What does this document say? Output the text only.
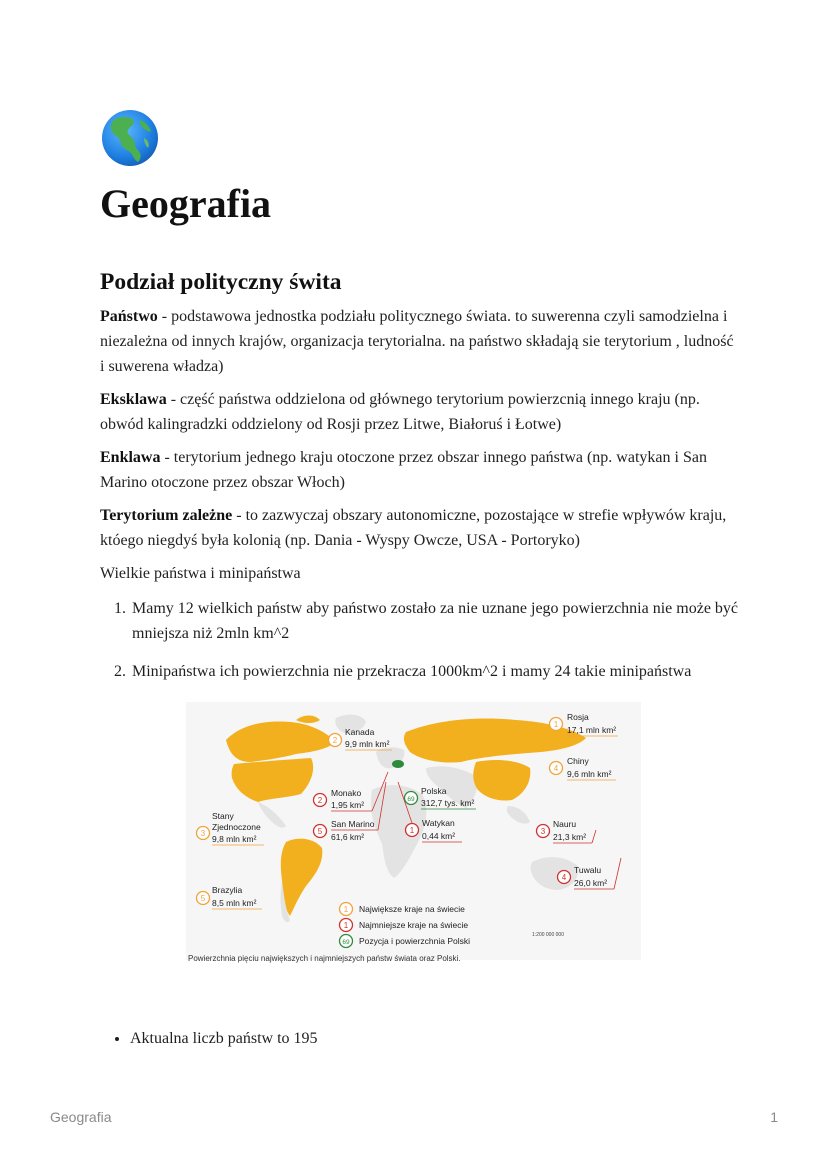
Geografia
Podział polityczny świta

Państwo - podstawowa jednostka podziału politycznego świata. to suwerenna czyli samodzielna i niezależna od innych krajów, organizacja terytorialna. na państwo składają sie terytorium , ludność i suwerena władza)

Eksklawa - część państwa oddzielona od głównego terytorium powierzcnią innego kraju (np. obwód kalingradzki oddzielony od Rosji przez Litwe, Białoruś i Łotwe)

Enklawa - terytorium jednego kraju otoczone przez obszar innego państwa (np. watykan i San Marino otoczone przez obszar Włoch)

Terytorium zależne - to zazwyczaj obszary autonomiczne, pozostające w strefie wpływów kraju, któego niegdyś była kolonią (np. Dania - Wyspy Owcze, USA - Portoryko)

Wielkie państwa i minipaństwa

1. Mamy 12 wielkich państw aby państwo zostało za nie uznane jego powierzchnia nie może być mniejsza niż 2mln km^2
2. Minipaństwa ich powierzchnia nie przekracza 1000km^2 i mamy 24 takie minipaństwa
1
Rosja
17,1 mln km²
2
Kanada
9,9 mln km²
3
Stany
Zjednoczone
9,8 mln km²
4
Chiny
9,6 mln km²
5
Brazylia
8,5 mln km²
1
Watykan
0,44 km²
2
Monako
1,95 km²
3
Nauru
21,3 km²
4
Tuwalu
26,0 km²
5
San Marino
61,6 km²
69
Polska
312,7 tys. km²
1 Największe kraje na świecie
1 Najmniejsze kraje na świecie
69 Pozycja i powierzchnia Polski
1:200 000 000
Powierzchnia pięciu największych i najmniejszych państw świata oraz Polski.
• Aktualna liczb państw to 195
Geografia	1
